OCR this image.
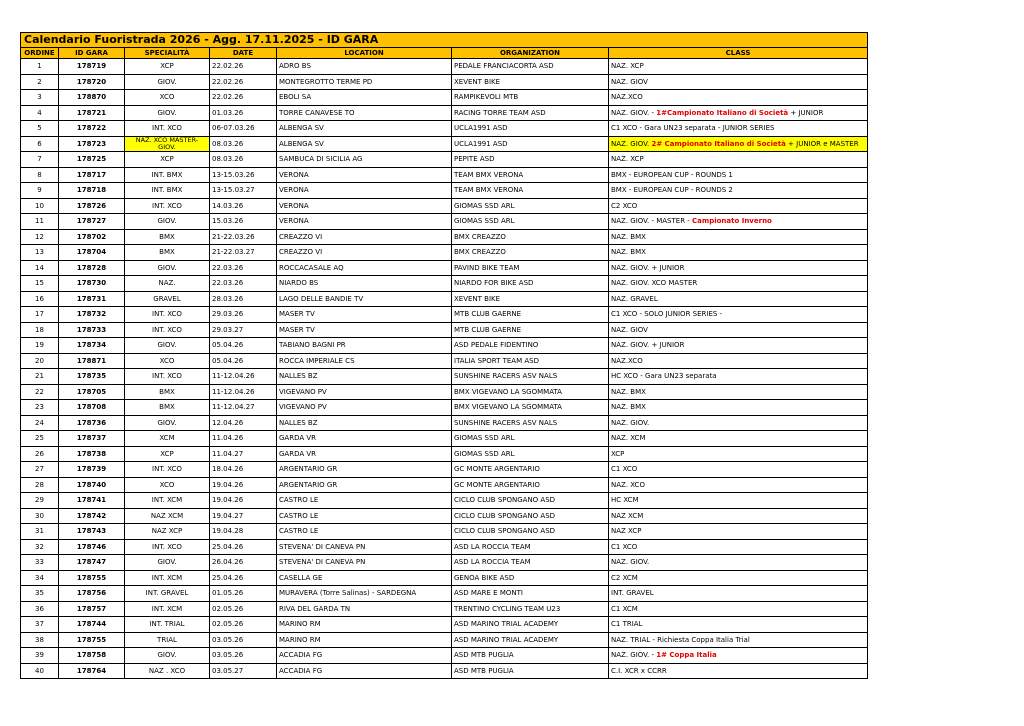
Calendario Fuoristrada 2026 - Agg. 17.11.2025 - ID GARA						
ORDINE	ID GARA	SPECIALITÀ	DATE	LOCATION	ORGANIZATION	CLASS
1	178719	XCP	22.02.26	ADRO BS	PEDALE FRANCIACORTA ASD	NAZ. XCP
2	178720	GIOV.	22.02.26	MONTEGROTTO TERME PD	XEVENT BIKE	NAZ. GIOV
3	178870	XCO	22.02.26	EBOLI SA	RAMPIKEVOLI MTB	NAZ.XCO
4	178721	GIOV.	01.03.26	TORRE CANAVESE TO	RACING TORRE TEAM ASD	NAZ. GIOV. - 1#Campionato Italiano di Società + JUNIOR
5	178722	INT. XCO	06-07.03.26	ALBENGA SV	UCLA1991 ASD	C1 XCO - Gara UN23 separata - JUNIOR SERIES
6	178723	NAZ. XCO MASTER-GIOV.	08.03.26	ALBENGA SV	UCLA1991 ASD	NAZ. GIOV. 2# Campionato Italiano di Società + JUNIOR e MASTER
7	178725	XCP	08.03.26	SAMBUCA DI SICILIA AG	PEPITE ASD	NAZ. XCP
8	178717	INT. BMX	13-15.03.26	VERONA	TEAM BMX VERONA	BMX - EUROPEAN CUP - ROUNDS 1
9	178718	INT. BMX	13-15.03.27	VERONA	TEAM BMX VERONA	BMX - EUROPEAN CUP - ROUNDS 2
10	178726	INT. XCO	14.03.26	VERONA	GIOMAS SSD ARL	C2 XCO
11	178727	GIOV.	15.03.26	VERONA	GIOMAS SSD ARL	NAZ. GIOV. - MASTER - Campionato Inverno
12	178702	BMX	21-22.03.26	CREAZZO VI	BMX CREAZZO	NAZ. BMX
13	178704	BMX	21-22.03.27	CREAZZO VI	BMX CREAZZO	NAZ. BMX
14	178728	GIOV.	22.03.26	ROCCACASALE AQ	PAVIND BIKE TEAM	NAZ. GIOV. + JUNIOR
15	178730	NAZ.	22.03.26	NIARDO BS	NIARDO FOR BIKE ASD	NAZ. GIOV. XCO MASTER
16	178731	GRAVEL	28.03.26	LAGO DELLE BANDIE TV	XEVENT BIKE	NAZ. GRAVEL
17	178732	INT. XCO	29.03.26	MASER TV	MTB CLUB GAERNE	C1 XCO - SOLO JUNIOR SERIES -
18	178733	INT. XCO	29.03.27	MASER TV	MTB CLUB GAERNE	NAZ. GIOV
19	178734	GIOV.	05.04.26	TABIANO BAGNI PR	ASD PEDALE FIDENTINO	NAZ. GIOV. + JUNIOR
20	178871	XCO	05.04.26	ROCCA IMPERIALE CS	ITALIA SPORT TEAM ASD	NAZ.XCO
21	178735	INT. XCO	11-12.04.26	NALLES BZ	SUNSHINE RACERS ASV NALS	HC XCO - Gara UN23 separata
22	178705	BMX	11-12.04.26	VIGEVANO PV	BMX VIGEVANO LA SGOMMATA	NAZ. BMX
23	178708	BMX	11-12.04.27	VIGEVANO PV	BMX VIGEVANO LA SGOMMATA	NAZ. BMX
24	178736	GIOV.	12.04.26	NALLES BZ	SUNSHINE RACERS ASV NALS	NAZ. GIOV.
25	178737	XCM	11.04.26	GARDA VR	GIOMAS SSD ARL	NAZ. XCM
26	178738	XCP	11.04.27	GARDA VR	GIOMAS SSD ARL	XCP
27	178739	INT. XCO	18.04.26	ARGENTARIO GR	GC MONTE ARGENTARIO	C1 XCO
28	178740	XCO	19.04.26	ARGENTARIO GR	GC MONTE ARGENTARIO	NAZ. XCO
29	178741	INT. XCM	19.04.26	CASTRO LE	CICLO CLUB SPONGANO ASD	HC XCM
30	178742	NAZ XCM	19.04.27	CASTRO LE	CICLO CLUB SPONGANO ASD	NAZ XCM
31	178743	NAZ XCP	19.04.28	CASTRO LE	CICLO CLUB SPONGANO ASD	NAZ XCP
32	178746	INT. XCO	25.04.26	STEVENA' DI CANEVA PN	ASD LA ROCCIA TEAM	C1 XCO
33	178747	GIOV.	26.04.26	STEVENA' DI CANEVA PN	ASD LA ROCCIA TEAM	NAZ. GIOV.
34	178755	INT. XCM	25.04.26	CASELLA GE	GENOA BIKE ASD	C2 XCM
35	178756	INT. GRAVEL	01.05.26	MURAVERA (Torre Salinas) - SARDEGNA	ASD MARE E MONTI	INT. GRAVEL
36	178757	INT. XCM	02.05.26	RIVA DEL GARDA TN	TRENTINO CYCLING TEAM U23	C1 XCM
37	178744	INT. TRIAL	02.05.26	MARINO RM	ASD MARINO TRIAL ACADEMY	C1 TRIAL
38	178755	TRIAL	03.05.26	MARINO RM	ASD MARINO TRIAL ACADEMY	NAZ. TRIAL - Richiesta Coppa Italia Trial
39	178758	GIOV.	03.05.26	ACCADIA FG	ASD MTB PUGLIA	NAZ. GIOV. - 1# Coppa Italia
40	178764	NAZ . XCO	03.05.27	ACCADIA FG	ASD MTB PUGLIA	C.I. XCR x CCRR
